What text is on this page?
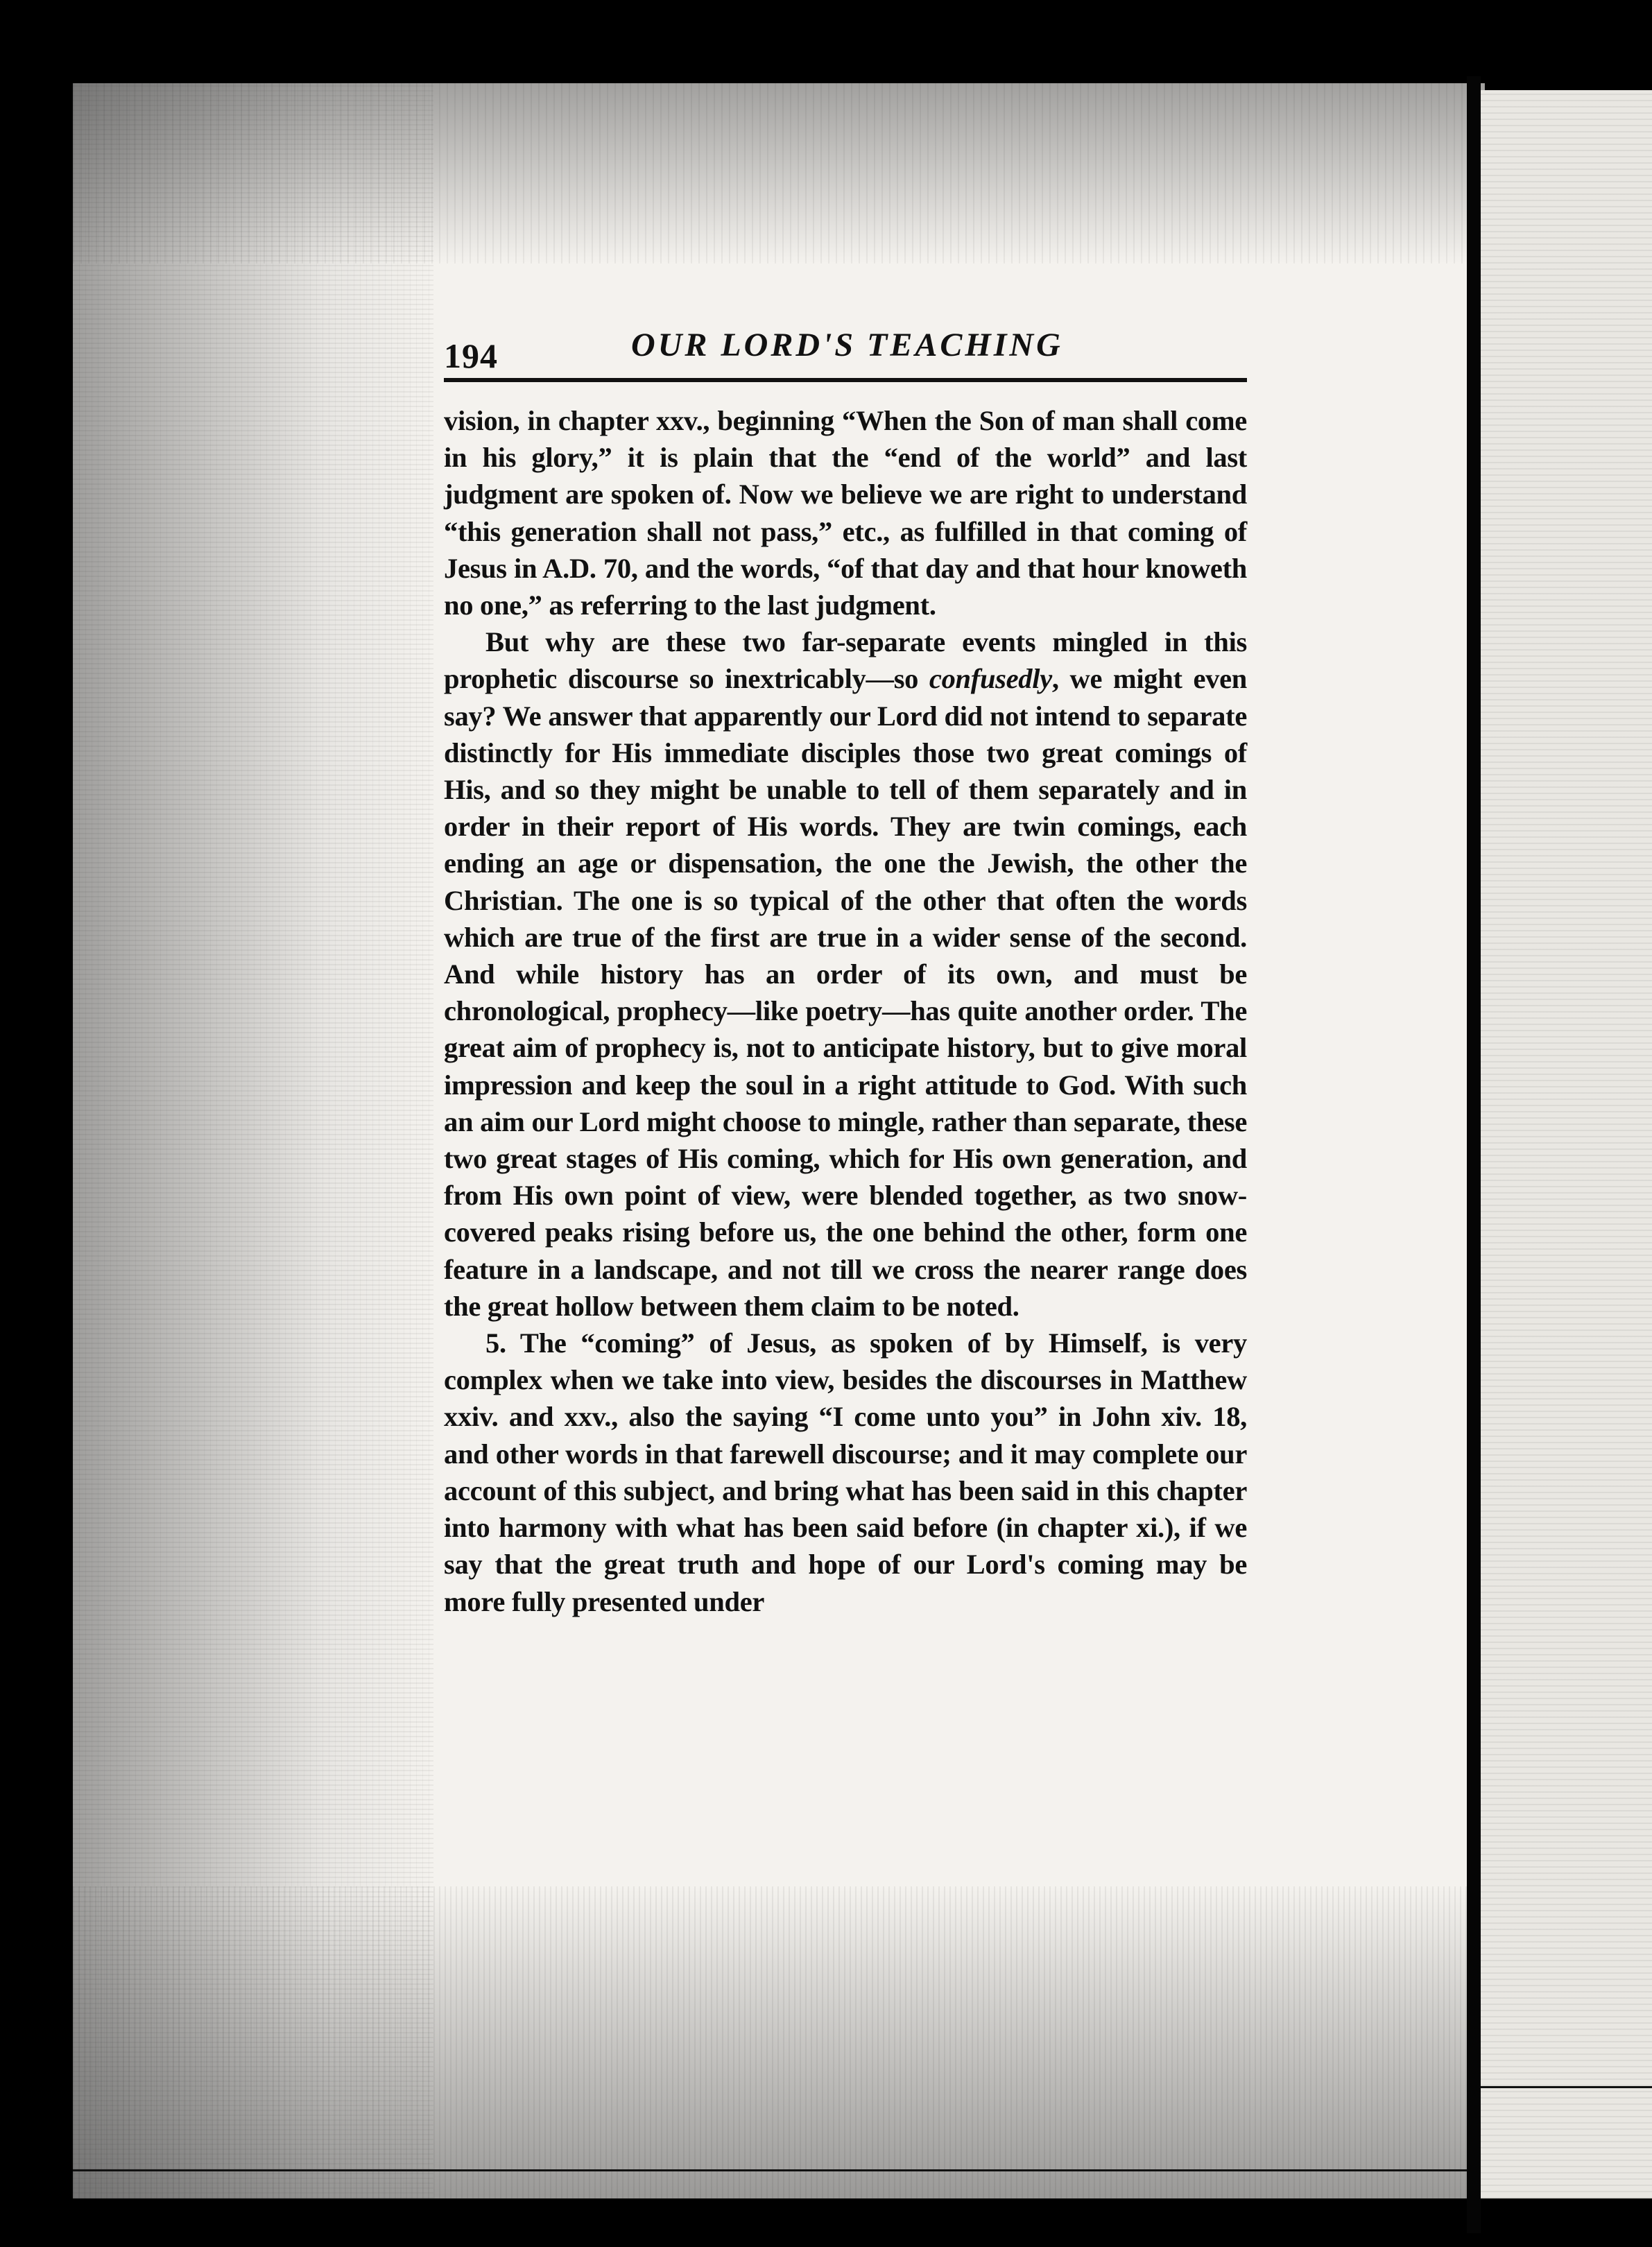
194	OUR LORD'S TEACHING

vision, in chapter xxv., beginning “When the Son of man shall come in his glory,” it is plain that the “end of the world” and last judgment are spoken of. Now we believe we are right to understand “this generation shall not pass,” etc., as fulfilled in that coming of Jesus in A.D. 70, and the words, “of that day and that hour knoweth no one,” as referring to the last judgment.

But why are these two far-separate events mingled in this prophetic discourse so inextricably—so confusedly, we might even say? We answer that apparently our Lord did not intend to separate distinctly for His immediate disciples those two great comings of His, and so they might be unable to tell of them separately and in order in their report of His words. They are twin comings, each ending an age or dispensation, the one the Jewish, the other the Christian. The one is so typical of the other that often the words which are true of the first are true in a wider sense of the second. And while history has an order of its own, and must be chronological, prophecy—like poetry—has quite another order. The great aim of prophecy is, not to anticipate history, but to give moral impression and keep the soul in a right attitude to God. With such an aim our Lord might choose to mingle, rather than separate, these two great stages of His coming, which for His own generation, and from His own point of view, were blended together, as two snow-covered peaks rising before us, the one behind the other, form one feature in a landscape, and not till we cross the nearer range does the great hollow between them claim to be noted.

5. The “coming” of Jesus, as spoken of by Himself, is very complex when we take into view, besides the discourses in Matthew xxiv. and xxv., also the saying “I come unto you” in John xiv. 18, and other words in that farewell discourse; and it may complete our account of this subject, and bring what has been said in this chapter into harmony with what has been said before (in chapter xi.), if we say that the great truth and hope of our Lord's coming may be more fully presented under
